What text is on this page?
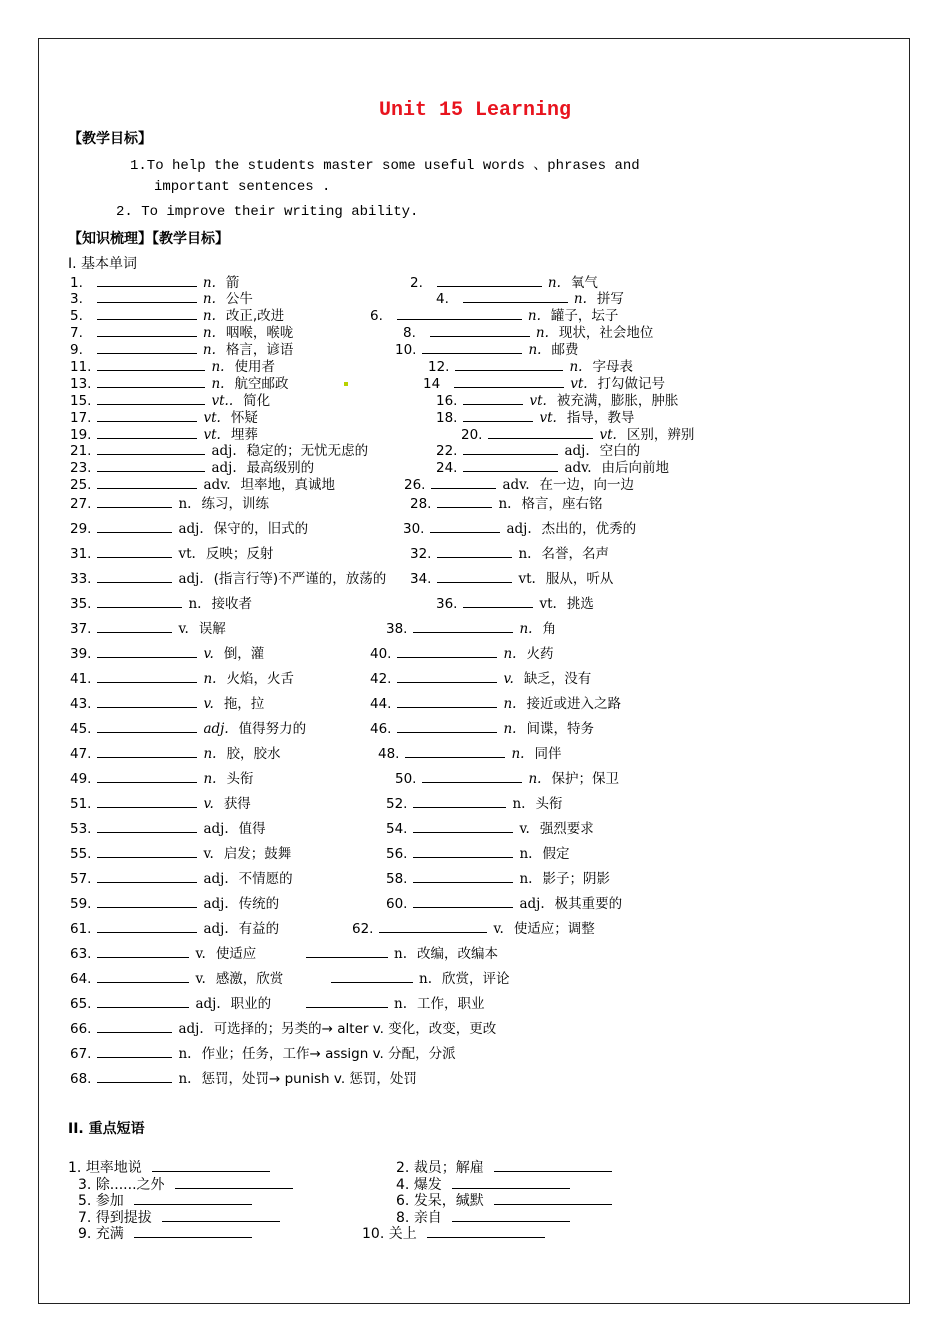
Unit 15 Learning
【教学目标】
1.To help the students master some useful words 、phrases and
important sentences .
2. To improve their writing ability.
【知识梳理】【教学目标】
I. 基本单词
1.	n. 箭	2.	n. 氧气
3.	n. 公牛	4.	n. 拼写
5.	n. 改正,改进	6.	n. 罐子，坛子
7.	n. 咽喉，喉咙	8.	n. 现状，社会地位
9.	n. 格言，谚语	10.	n. 邮费
11.	n. 使用者	12.	n. 字母表
13.	n. 航空邮政	14	vt. 打勾做记号
15.	vt.. 简化	16.	vt. 被充满，膨胀，肿胀
17.	vt. 怀疑	18.	vt. 指导，教导
19.	vt. 埋葬	20.	vt. 区别，辨别
21.	adj. 稳定的；无忧无虑的	22.	adj. 空白的
23.	adj. 最高级别的	24.	adv. 由后向前地
25.	adv. 坦率地，真诚地	26.	adv. 在一边，向一边
27.	n. 练习，训练	28.	n. 格言，座右铭
29.	adj. 保守的，旧式的	30.	adj. 杰出的，优秀的
31.	vt. 反映；反射	32.	n. 名誉，名声
33.	adj. (指言行等)不严谨的，放荡的 34.	vt. 服从，听从
35.	n. 接收者	36.	vt. 挑选
37.	v. 误解	38.	n. 角
39.	v. 倒，灌	40.	n. 火药
41.	n. 火焰，火舌	42.	v. 缺乏，没有
43.	v. 拖，拉	44.	n. 接近或进入之路
45.	adj. 值得努力的	46.	n. 间谍，特务
47.	n. 胶，胶水	48.	n. 同伴
49.	n. 头衔	50.	n. 保护；保卫
51.	v. 获得	52.	n. 头衔
53.	adj. 值得	54.	v. 强烈要求
55.	v. 启发；鼓舞	56.	n. 假定
57.	adj. 不情愿的	58.	n. 影子；阴影
59.	adj. 传统的	60.	adj. 极其重要的
61.	adj. 有益的	62.	v. 使适应；调整
63.	v. 使适应	n. 改编，改编本
64.	v. 感激，欣赏	n. 欣赏，评论
65.	adj. 职业的	n. 工作，职业
66.	adj. 可选择的；另类的→ alter v. 变化，改变，更改
67.	n. 作业；任务，工作→ assign v. 分配，分派
68.	n. 惩罚，处罚→ punish v. 惩罚，处罚
II. 重点短语
1. 坦率地说	2. 裁员；解雇
3. 除......之外	4. 爆发
5. 参加	6. 发呆，缄默
7. 得到提拔	8. 亲自
9. 充满	10. 关上
